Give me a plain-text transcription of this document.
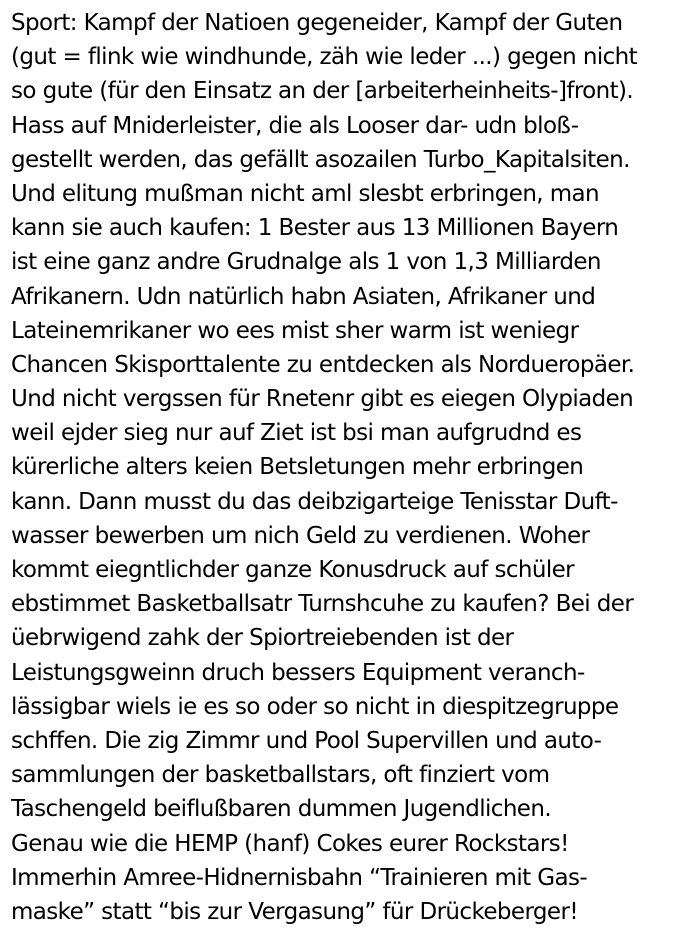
Sport: Kampf der Natioen gegeneider, Kampf der Guten
(gut = flink wie windhunde, zäh wie leder ...) gegen nicht
so gute (für den Einsatz an der [arbeiterheinheits-]front).
Hass auf Mniderleister, die als Looser dar- udn bloß-
gestellt werden, das gefällt asozailen Turbo_Kapitalsiten.
Und elitung mußman nicht aml slesbt erbringen, man
kann sie auch kaufen: 1 Bester aus 13 Millionen Bayern
ist eine ganz andre Grudnalge als 1 von 1,3 Milliarden
Afrikanern. Udn natürlich habn Asiaten, Afrikaner und
Lateinemrikaner wo ees mist sher warm ist weniegr
Chancen Skisporttalente zu entdecken als Nordueropäer.
Und nicht vergssen für Rnetenr gibt es eiegen Olypiaden
weil ejder sieg nur auf Ziet ist bsi man aufgrudnd es
kürerliche alters keien Betsletungen mehr erbringen
kann. Dann musst du das deibzigarteige Tenisstar Duft-
wasser bewerben um nich Geld zu verdienen. Woher
kommt eiegntlichder ganze Konusdruck auf schüler
ebstimmet Basketballsatr Turnshcuhe zu kaufen? Bei der
üebrwigend zahk der Spiortreiebenden ist der
Leistungsgweinn druch bessers Equipment veranch-
lässigbar wiels ie es so oder so nicht in diespitzegruppe
schffen. Die zig Zimmr und Pool Supervillen und auto-
sammlungen der basketballstars, oft finziert vom
Taschengeld beiflußbaren dummen Jugendlichen.
Genau wie die HEMP (hanf) Cokes eurer Rockstars!
Immerhin Amree-Hidnernisbahn “Trainieren mit Gas-
maske” statt “bis zur Vergasung” für Drückeberger!
